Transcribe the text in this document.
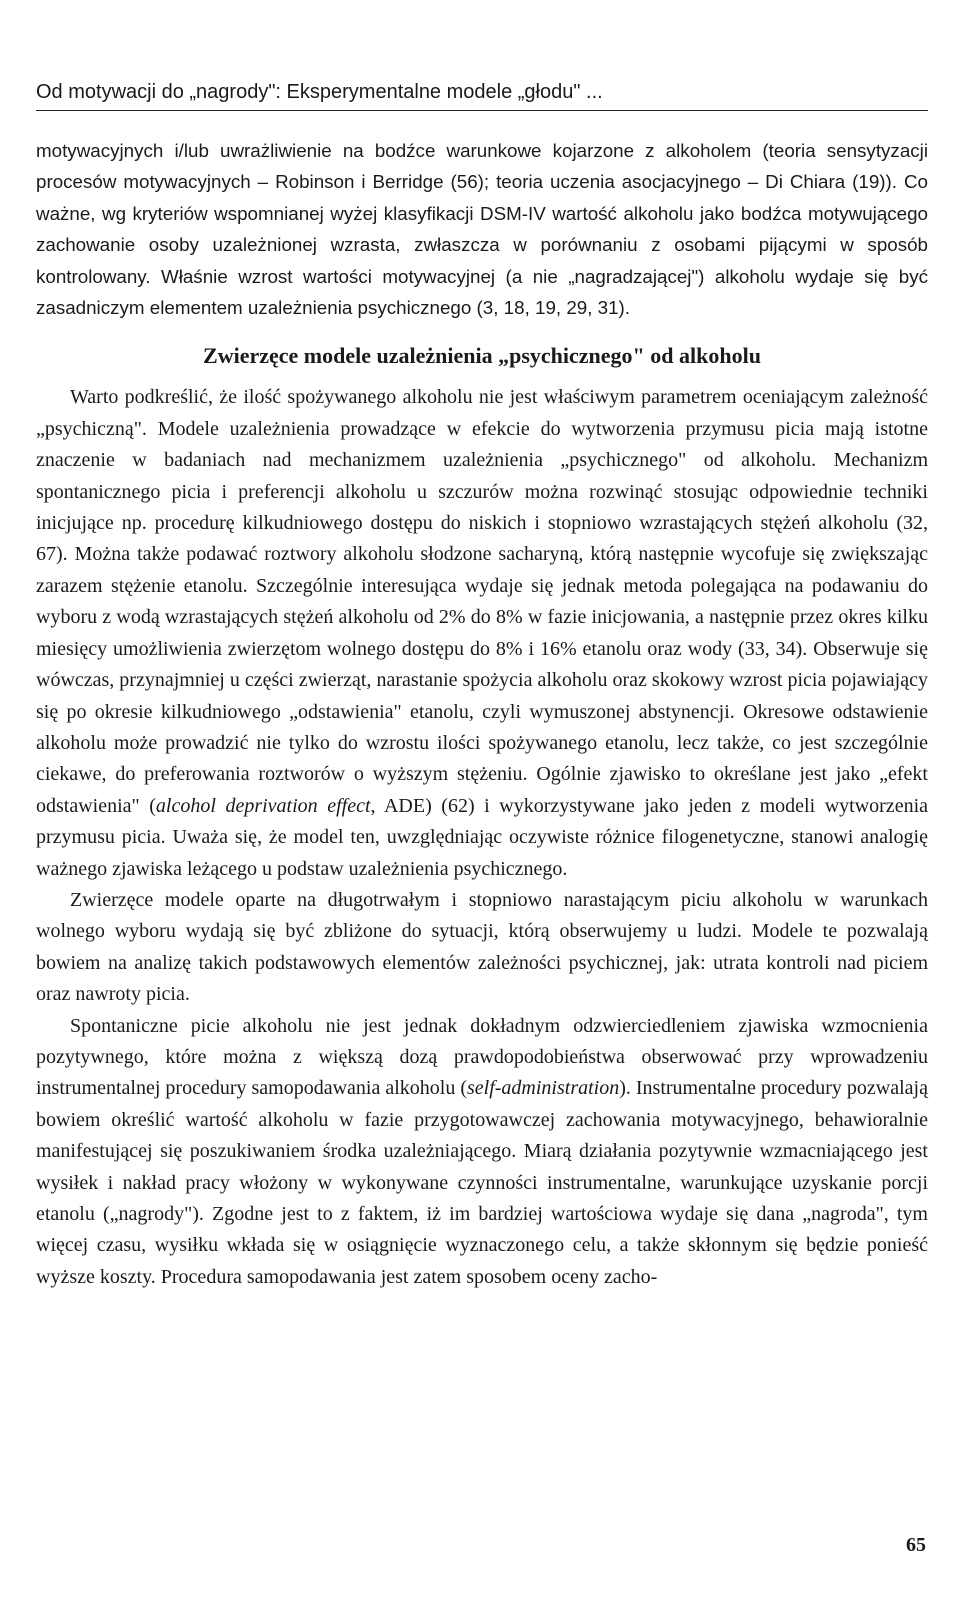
Od motywacji do „nagrody": Eksperymentalne modele „głodu" ...

motywacyjnych i/lub uwrażliwienie na bodźce warunkowe kojarzone z alkoholem (teoria sensytyzacji procesów motywacyjnych – Robinson i Berridge (56); teoria uczenia asocjacyjnego – Di Chiara (19)). Co ważne, wg kryteriów wspomnianej wyżej klasyfikacji DSM-IV wartość alkoholu jako bodźca motywującego zachowanie osoby uzależnionej wzrasta, zwłaszcza w porównaniu z osobami pijącymi w sposób kontrolowany. Właśnie wzrost wartości motywacyjnej (a nie „nagradzającej") alkoholu wydaje się być zasadniczym elementem uzależnienia psychicznego (3, 18, 19, 29, 31).

Zwierzęce modele uzależnienia „psychicznego" od alkoholu

Warto podkreślić, że ilość spożywanego alkoholu nie jest właściwym parametrem oceniającym zależność „psychiczną". Modele uzależnienia prowadzące w efekcie do wytworzenia przymusu picia mają istotne znaczenie w badaniach nad mechanizmem uzależnienia „psychicznego" od alkoholu. Mechanizm spontanicznego picia i preferencji alkoholu u szczurów można rozwinąć stosując odpowiednie techniki inicjujące np. procedurę kilkudniowego dostępu do niskich i stopniowo wzrastających stężeń alkoholu (32, 67). Można także podawać roztwory alkoholu słodzone sacharyną, którą następnie wycofuje się zwiększając zarazem stężenie etanolu. Szczególnie interesująca wydaje się jednak metoda polegająca na podawaniu do wyboru z wodą wzrastających stężeń alkoholu od 2% do 8% w fazie inicjowania, a następnie przez okres kilku miesięcy umożliwienia zwierzętom wolnego dostępu do 8% i 16% etanolu oraz wody (33, 34). Obserwuje się wówczas, przynajmniej u części zwierząt, narastanie spożycia alkoholu oraz skokowy wzrost picia pojawiający się po okresie kilkudniowego „odstawienia" etanolu, czyli wymuszonej abstynencji. Okresowe odstawienie alkoholu może prowadzić nie tylko do wzrostu ilości spożywanego etanolu, lecz także, co jest szczególnie ciekawe, do preferowania roztworów o wyższym stężeniu. Ogólnie zjawisko to określane jest jako „efekt odstawienia" (alcohol deprivation effect, ADE) (62) i wykorzystywane jako jeden z modeli wytworzenia przymusu picia. Uważa się, że model ten, uwzględniając oczywiste różnice filogenetyczne, stanowi analogię ważnego zjawiska leżącego u podstaw uzależnienia psychicznego.

Zwierzęce modele oparte na długotrwałym i stopniowo narastającym piciu alkoholu w warunkach wolnego wyboru wydają się być zbliżone do sytuacji, którą obserwujemy u ludzi. Modele te pozwalają bowiem na analizę takich podstawowych elementów zależności psychicznej, jak: utrata kontroli nad piciem oraz nawroty picia.

Spontaniczne picie alkoholu nie jest jednak dokładnym odzwierciedleniem zjawiska wzmocnienia pozytywnego, które można z większą dozą prawdopodobieństwa obserwować przy wprowadzeniu instrumentalnej procedury samopodawania alkoholu (self-administration). Instrumentalne procedury pozwalają bowiem określić wartość alkoholu w fazie przygotowawczej zachowania motywacyjnego, behawioralnie manifestującej się poszukiwaniem środka uzależniającego. Miarą działania pozytywnie wzmacniającego jest wysiłek i nakład pracy włożony w wykonywane czynności instrumentalne, warunkujące uzyskanie porcji etanolu („nagrody"). Zgodne jest to z faktem, iż im bardziej wartościowa wydaje się dana „nagroda", tym więcej czasu, wysiłku wkłada się w osiągnięcie wyznaczonego celu, a także skłonnym się będzie ponieść wyższe koszty. Procedura samopodawania jest zatem sposobem oceny zacho-

65
